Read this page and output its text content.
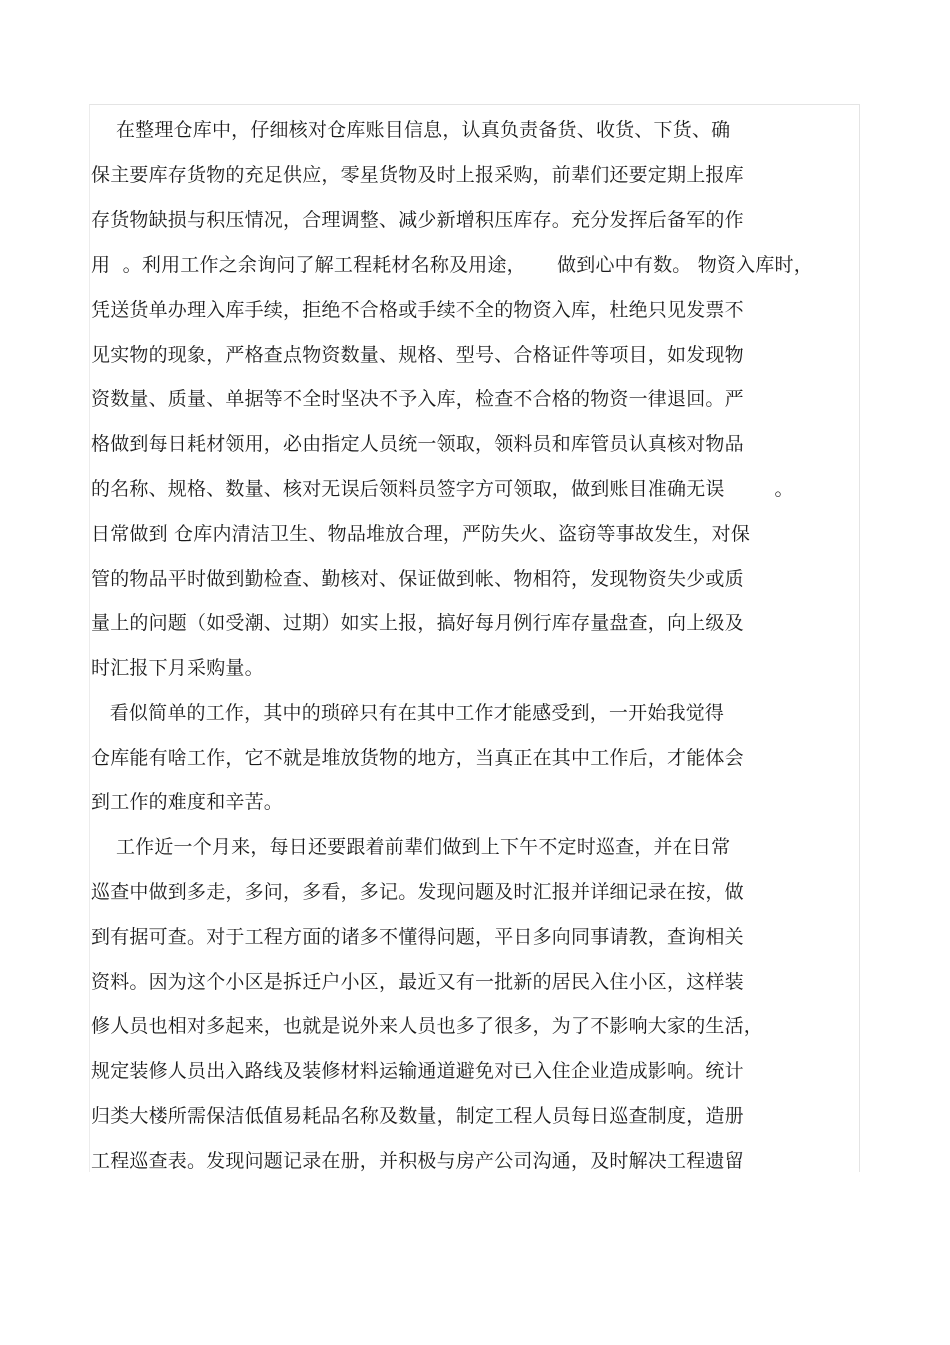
在整理仓库中，仔细核对仓库账目信息，认真负责备货、收货、下货、确
保主要库存货物的充足供应，零星货物及时上报采购，前辈们还要定期上报库
存货物缺损与积压情况，合理调整、减少新增积压库存。充分发挥后备军的作
用  。利用工作之余询问了解工程耗材名称及用途，     做到心中有数。 物资入库时，
凭送货单办理入库手续，拒绝不合格或手续不全的物资入库，杜绝只见发票不
见实物的现象，严格查点物资数量、规格、型号、合格证件等项目，如发现物
资数量、质量、单据等不全时坚决不予入库，检查不合格的物资一律退回。严
格做到每日耗材领用，必由指定人员统一领取，领料员和库管员认真核对物品
的名称、规格、数量、核对无误后领料员签字方可领取，做到账目准确无误        。
日常做到 仓库内清洁卫生、物品堆放合理，严防失火、盗窃等事故发生，对保
管的物品平时做到勤检查、勤核对、保证做到帐、物相符，发现物资失少或质
量上的问题（如受潮、过期）如实上报，搞好每月例行库存量盘查，向上级及
时汇报下月采购量。
看似简单的工作，其中的琐碎只有在其中工作才能感受到，一开始我觉得
仓库能有啥工作，它不就是堆放货物的地方，当真正在其中工作后，才能体会
到工作的难度和辛苦。
工作近一个月来，每日还要跟着前辈们做到上下午不定时巡查，并在日常
巡查中做到多走，多问，多看，多记。发现问题及时汇报并详细记录在按，做
到有据可查。对于工程方面的诸多不懂得问题，平日多向同事请教，查询相关
资料。因为这个小区是拆迁户小区，最近又有一批新的居民入住小区，这样装
修人员也相对多起来，也就是说外来人员也多了很多，为了不影响大家的生活，
规定装修人员出入路线及装修材料运输通道避免对已入住企业造成影响。统计
归类大楼所需保洁低值易耗品名称及数量，制定工程人员每日巡查制度，造册
工程巡查表。发现问题记录在册，并积极与房产公司沟通，及时解决工程遗留
